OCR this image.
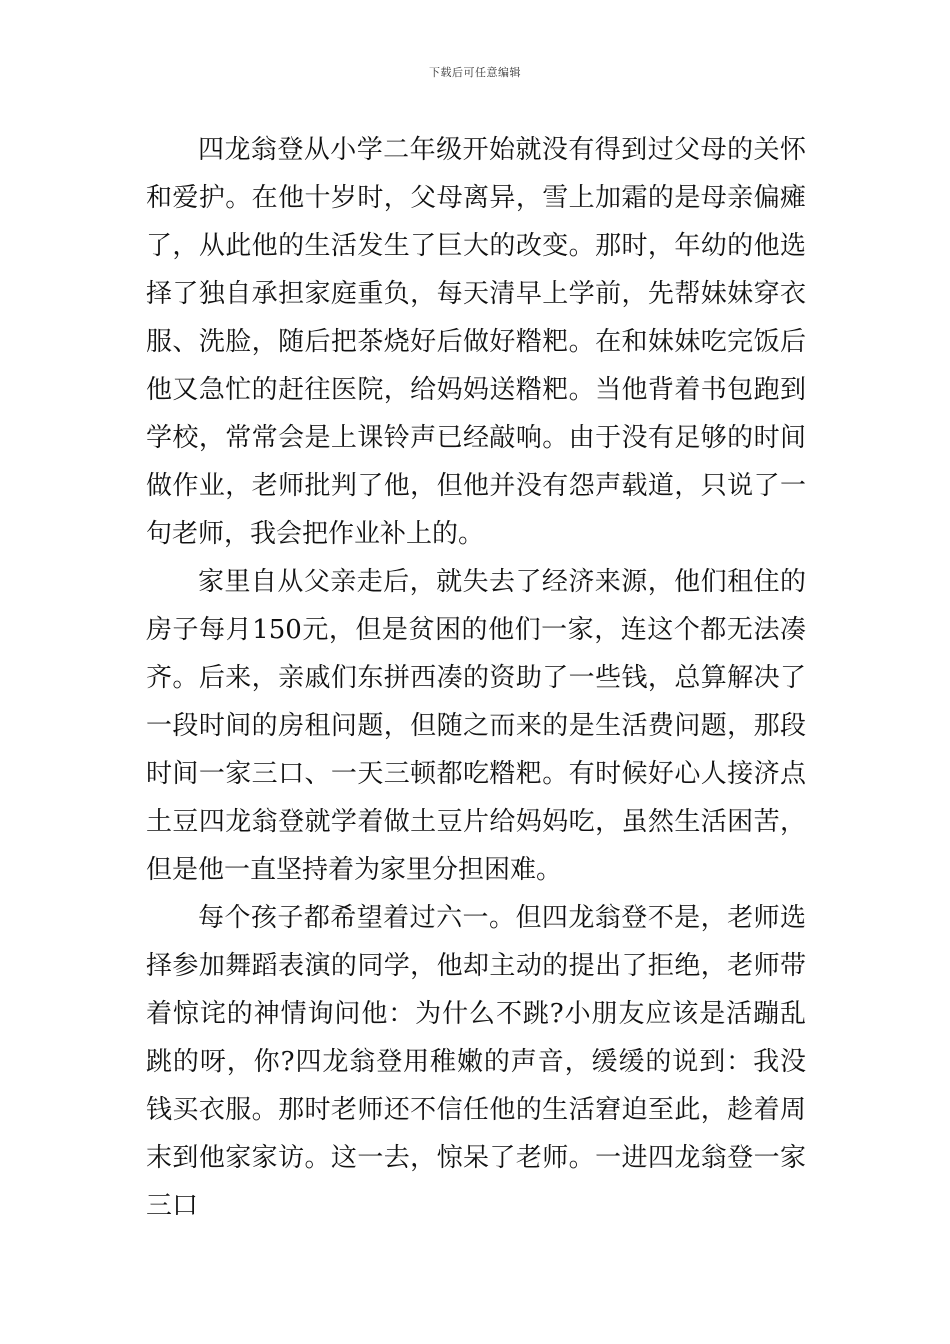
下载后可任意编辑

四龙翁登从小学二年级开始就没有得到过父母的关怀和爱护。在他十岁时，父母离异，雪上加霜的是母亲偏瘫了，从此他的生活发生了巨大的改变。那时，年幼的他选择了独自承担家庭重负，每天清早上学前，先帮妹妹穿衣服、洗脸，随后把茶烧好后做好糌粑。在和妹妹吃完饭后他又急忙的赶往医院，给妈妈送糌粑。当他背着书包跑到学校，常常会是上课铃声已经敲响。由于没有足够的时间做作业，老师批判了他，但他并没有怨声载道，只说了一句老师，我会把作业补上的。

家里自从父亲走后，就失去了经济来源，他们租住的房子每月150元，但是贫困的他们一家，连这个都无法凑齐。后来，亲戚们东拼西凑的资助了一些钱，总算解决了一段时间的房租问题，但随之而来的是生活费问题，那段时间一家三口、一天三顿都吃糌粑。有时候好心人接济点土豆四龙翁登就学着做土豆片给妈妈吃，虽然生活困苦，但是他一直坚持着为家里分担困难。

每个孩子都希望着过六一。但四龙翁登不是，老师选择参加舞蹈表演的同学，他却主动的提出了拒绝，老师带着惊诧的神情询问他：为什么不跳?小朋友应该是活蹦乱跳的呀，你?四龙翁登用稚嫩的声音，缓缓的说到：我没钱买衣服。那时老师还不信任他的生活窘迫至此，趁着周末到他家家访。这一去，惊呆了老师。一进四龙翁登一家三口
